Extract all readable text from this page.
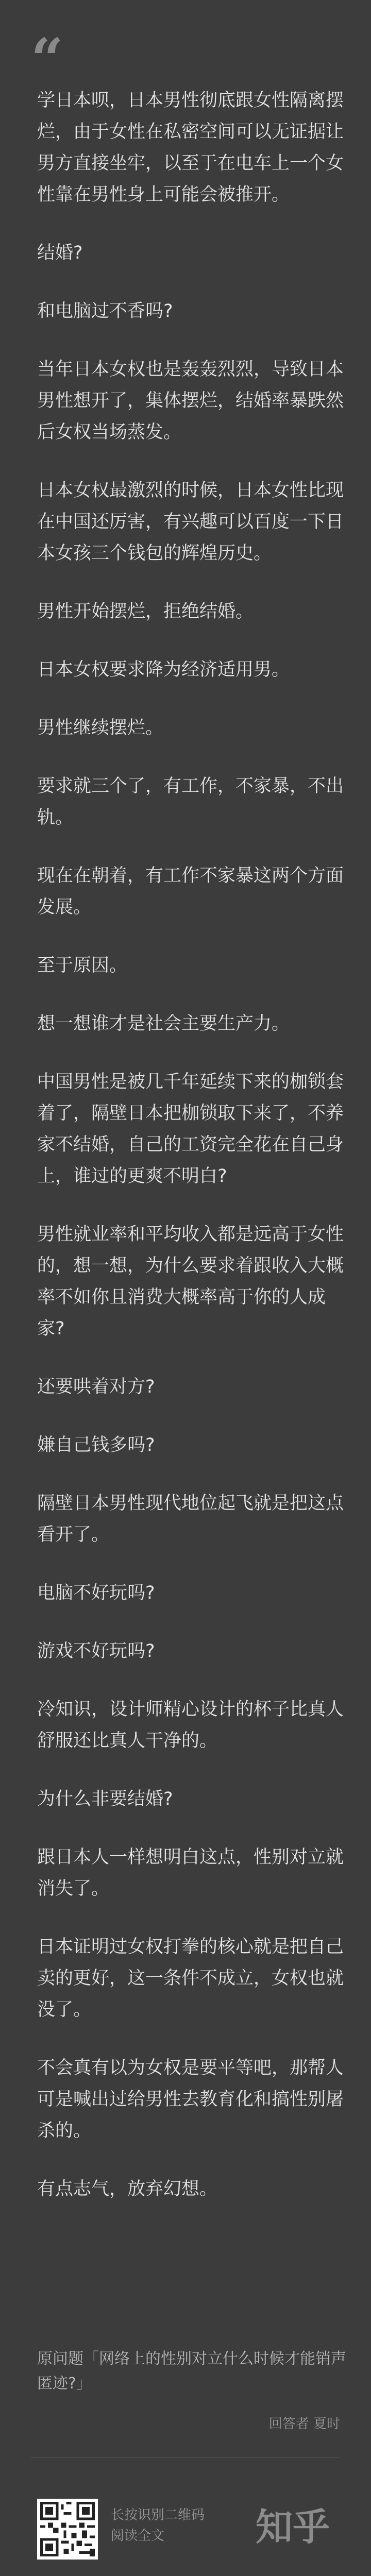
“

学日本呗，日本男性彻底跟女性隔离摆烂，由于女性在私密空间可以无证据让男方直接坐牢，以至于在电车上一个女性靠在男性身上可能会被推开。

结婚?

和电脑过不香吗?

当年日本女权也是轰轰烈烈，导致日本男性想开了，集体摆烂，结婚率暴跌然后女权当场蒸发。

日本女权最激烈的时候，日本女性比现在中国还厉害，有兴趣可以百度一下日本女孩三个钱包的辉煌历史。

男性开始摆烂，拒绝结婚。

日本女权要求降为经济适用男。

男性继续摆烂。

要求就三个了，有工作，不家暴，不出轨。

现在在朝着，有工作不家暴这两个方面发展。

至于原因。

想一想谁才是社会主要生产力。

中国男性是被几千年延续下来的枷锁套着了，隔壁日本把枷锁取下来了，不养家不结婚，自己的工资完全花在自己身上，谁过的更爽不明白?

男性就业率和平均收入都是远高于女性的，想一想，为什么要求着跟收入大概率不如你且消费大概率高于你的人成家?

还要哄着对方?

嫌自己钱多吗?

隔壁日本男性现代地位起飞就是把这点看开了。

电脑不好玩吗?

游戏不好玩吗?

冷知识，设计师精心设计的杯子比真人舒服还比真人干净的。

为什么非要结婚?

跟日本人一样想明白这点，性别对立就消失了。

日本证明过女权打拳的核心就是把自己卖的更好，这一条件不成立，女权也就没了。

不会真有以为女权是要平等吧，那帮人可是喊出过给男性去教育化和搞性别屠杀的。

有点志气，放弃幻想。

原问题「网络上的性别对立什么时候才能销声匿迹?」
回答者 夏时
长按识别二维码
阅读全文	知乎
